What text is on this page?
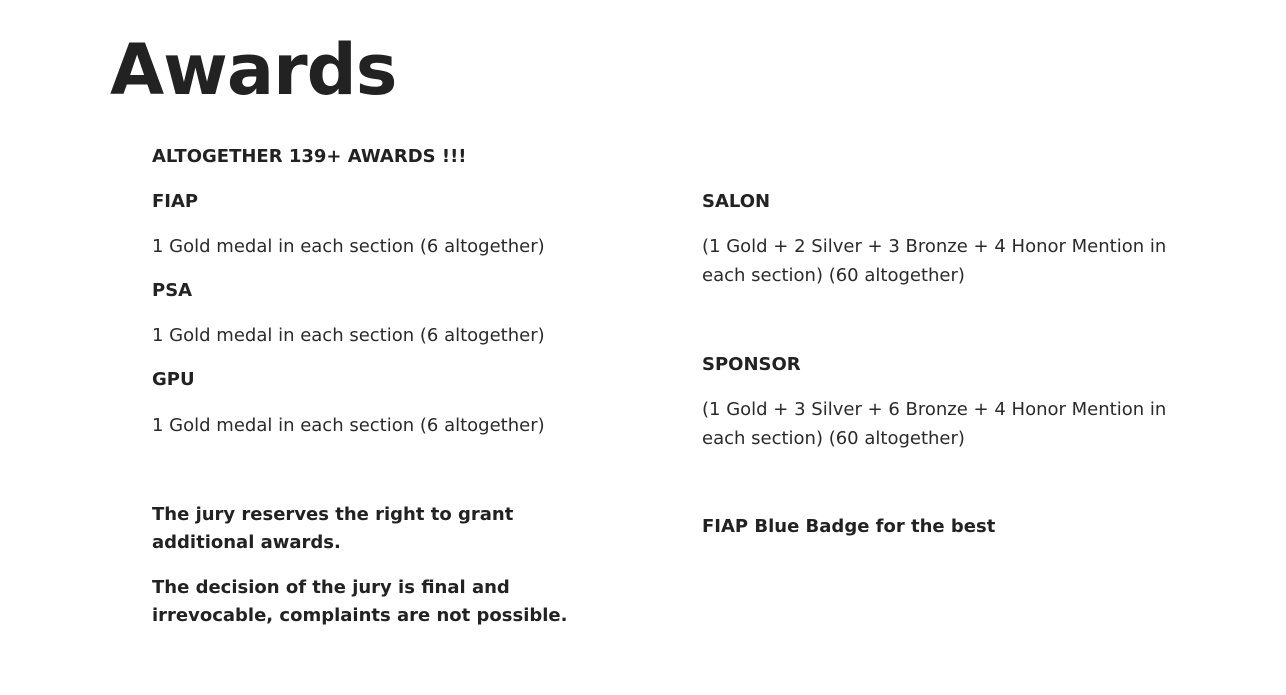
Awards

ALTOGETHER 139+ AWARDS !!!

FIAP

1 Gold medal in each section (6 altogether)

PSA

1 Gold medal in each section (6 altogether)

GPU

1 Gold medal in each section (6 altogether)

The jury reserves the right to grant additional awards.

The decision of the jury is final and irrevocable, complaints are not possible.

SALON

(1 Gold + 2 Silver + 3 Bronze + 4 Honor Mention in each section) (60 altogether)

SPONSOR

(1 Gold + 3 Silver + 6 Bronze + 4 Honor Mention in each section) (60 altogether)

FIAP Blue Badge for the best
